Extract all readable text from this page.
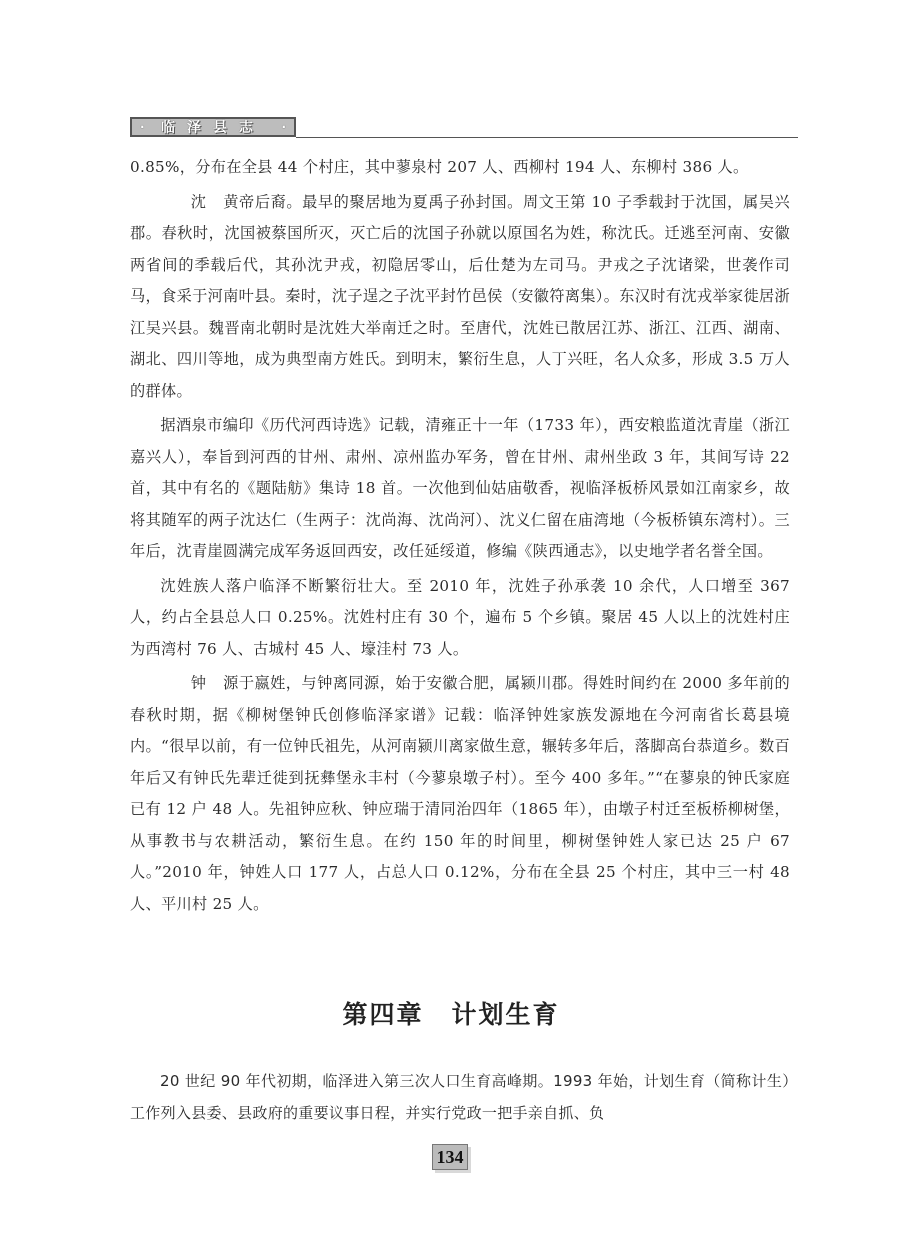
· 临泽县志 ·

0.85%，分布在全县 44 个村庄，其中蓼泉村 207 人、西柳村 194 人、东柳村 386 人。

沈 黄帝后裔。最早的聚居地为夏禹子孙封国。周文王第 10 子季载封于沈国，属吴兴郡。春秋时，沈国被蔡国所灭，灭亡后的沈国子孙就以原国名为姓，称沈氏。迁逃至河南、安徽两省间的季载后代，其孙沈尹戎，初隐居零山，后仕楚为左司马。尹戎之子沈诸梁，世袭作司马，食采于河南叶县。秦时，沈子逞之子沈平封竹邑侯（安徽符离集）。东汉时有沈戎举家徙居浙江吴兴县。魏晋南北朝时是沈姓大举南迁之时。至唐代，沈姓已散居江苏、浙江、江西、湖南、湖北、四川等地，成为典型南方姓氏。到明末，繁衍生息，人丁兴旺，名人众多，形成 3.5 万人的群体。

据酒泉市编印《历代河西诗选》记载，清雍正十一年（1733 年），西安粮监道沈青崖（浙江嘉兴人），奉旨到河西的甘州、肃州、凉州监办军务，曾在甘州、肃州坐政 3 年，其间写诗 22 首，其中有名的《题陆舫》集诗 18 首。一次他到仙姑庙敬香，视临泽板桥风景如江南家乡，故将其随军的两子沈达仁（生两子：沈尚海、沈尚河）、沈义仁留在庙湾地（今板桥镇东湾村）。三年后，沈青崖圆满完成军务返回西安，改任延绥道，修编《陕西通志》，以史地学者名誉全国。

沈姓族人落户临泽不断繁衍壮大。至 2010 年，沈姓子孙承袭 10 余代，人口增至 367 人，约占全县总人口 0.25%。沈姓村庄有 30 个，遍布 5 个乡镇。聚居 45 人以上的沈姓村庄为西湾村 76 人、古城村 45 人、壕洼村 73 人。

钟 源于嬴姓，与钟离同源，始于安徽合肥，属颍川郡。得姓时间约在 2000 多年前的春秋时期，据《柳树堡钟氏创修临泽家谱》记载：临泽钟姓家族发源地在今河南省长葛县境内。“很早以前，有一位钟氏祖先，从河南颍川离家做生意，辗转多年后，落脚高台恭道乡。数百年后又有钟氏先辈迁徙到抚彝堡永丰村（今蓼泉墩子村）。至今 400 多年。”“在蓼泉的钟氏家庭已有 12 户 48 人。先祖钟应秋、钟应瑞于清同治四年（1865 年），由墩子村迁至板桥柳树堡，从事教书与农耕活动，繁衍生息。在约 150 年的时间里，柳树堡钟姓人家已达 25 户 67 人。”2010 年，钟姓人口 177 人，占总人口 0.12%，分布在全县 25 个村庄，其中三一村 48 人、平川村 25 人。

第四章 计划生育

20 世纪 90 年代初期，临泽进入第三次人口生育高峰期。1993 年始，计划生育（简称计生）工作列入县委、县政府的重要议事日程，并实行党政一把手亲自抓、负

134
